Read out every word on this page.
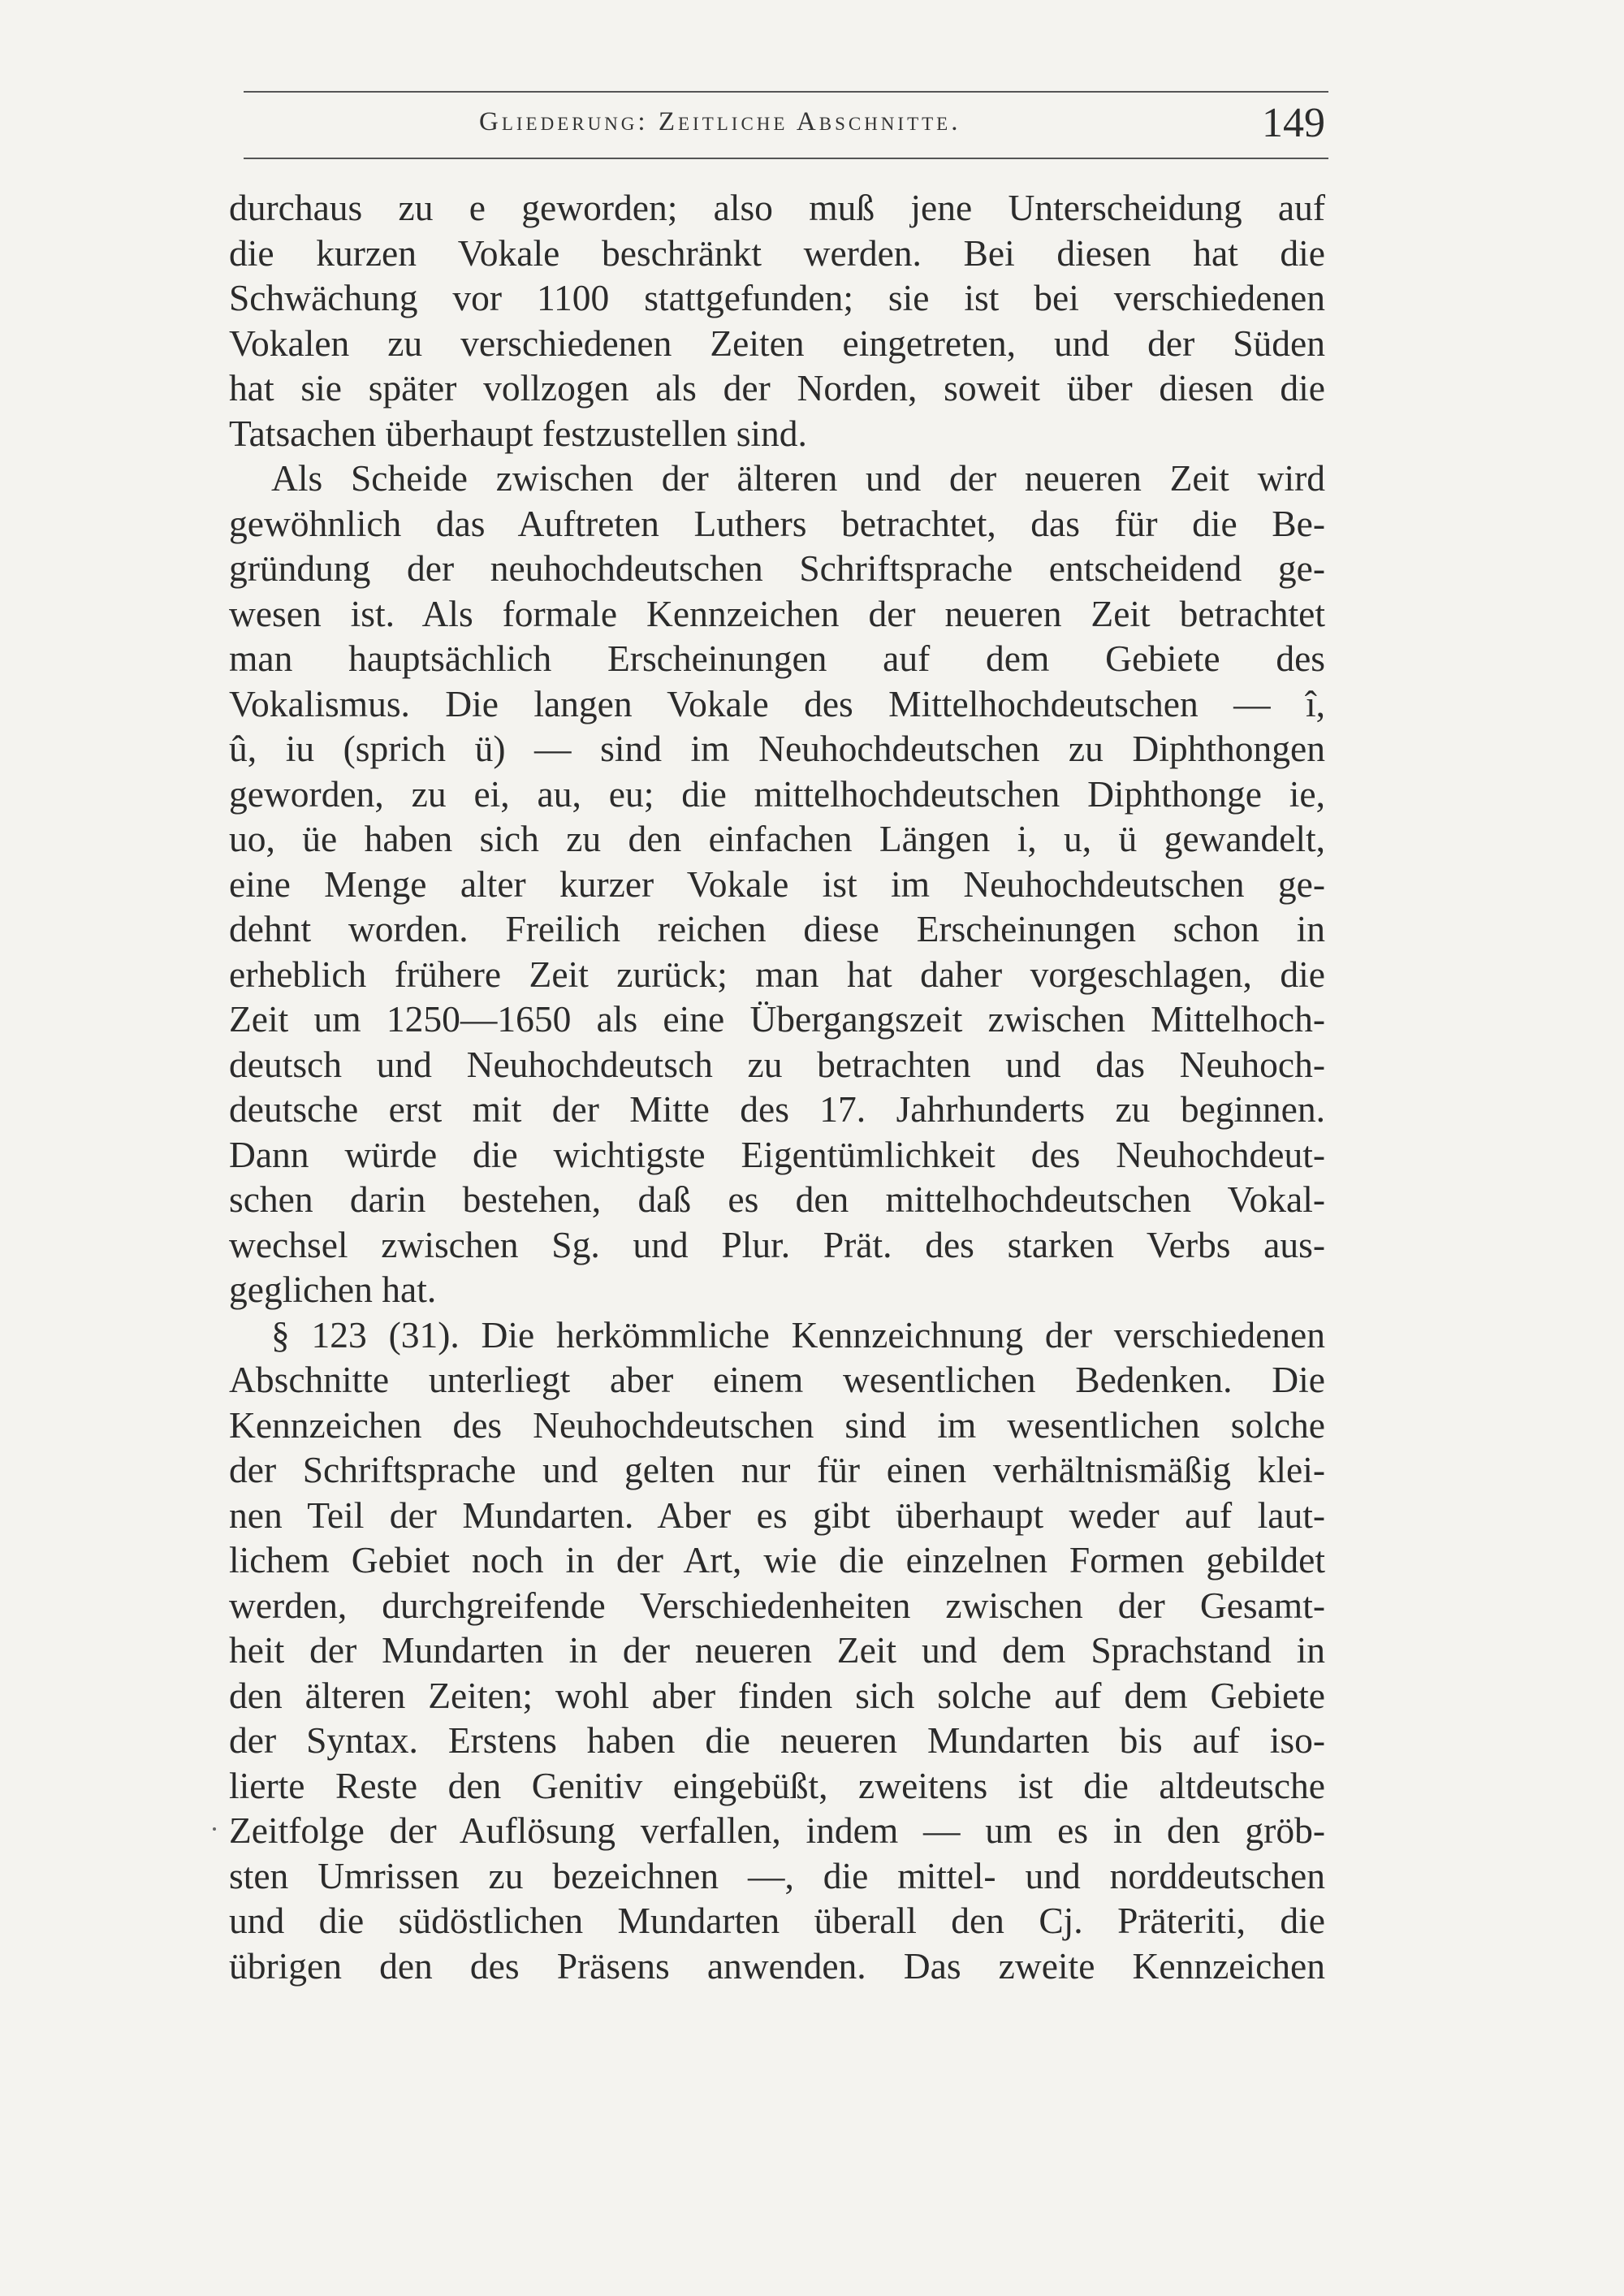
Gliederung: Zeitliche Abschnitte.	149
durchaus zu e geworden; also muß jene Unterscheidung auf
die kurzen Vokale beschränkt werden. Bei diesen hat die
Schwächung vor 1100 stattgefunden; sie ist bei verschiedenen
Vokalen zu verschiedenen Zeiten eingetreten, und der Süden
hat sie später vollzogen als der Norden, soweit über diesen die
Tatsachen überhaupt festzustellen sind.
Als Scheide zwischen der älteren und der neueren Zeit wird
gewöhnlich das Auftreten Luthers betrachtet, das für die Be-
gründung der neuhochdeutschen Schriftsprache entscheidend ge-
wesen ist. Als formale Kennzeichen der neueren Zeit betrachtet
man hauptsächlich Erscheinungen auf dem Gebiete des
Vokalismus. Die langen Vokale des Mittelhochdeutschen — î,
û, iu (sprich ü) — sind im Neuhochdeutschen zu Diphthongen
geworden, zu ei, au, eu; die mittelhochdeutschen Diphthonge ie,
uo, üe haben sich zu den einfachen Längen i, u, ü gewandelt,
eine Menge alter kurzer Vokale ist im Neuhochdeutschen ge-
dehnt worden. Freilich reichen diese Erscheinungen schon in
erheblich frühere Zeit zurück; man hat daher vorgeschlagen, die
Zeit um 1250—1650 als eine Übergangszeit zwischen Mittelhoch-
deutsch und Neuhochdeutsch zu betrachten und das Neuhoch-
deutsche erst mit der Mitte des 17. Jahrhunderts zu beginnen.
Dann würde die wichtigste Eigentümlichkeit des Neuhochdeut-
schen darin bestehen, daß es den mittelhochdeutschen Vokal-
wechsel zwischen Sg. und Plur. Prät. des starken Verbs aus-
geglichen hat.
§ 123 (31). Die herkömmliche Kennzeichnung der verschiedenen
Abschnitte unterliegt aber einem wesentlichen Bedenken. Die
Kennzeichen des Neuhochdeutschen sind im wesentlichen solche
der Schriftsprache und gelten nur für einen verhältnismäßig klei-
nen Teil der Mundarten. Aber es gibt überhaupt weder auf laut-
lichem Gebiet noch in der Art, wie die einzelnen Formen gebildet
werden, durchgreifende Verschiedenheiten zwischen der Gesamt-
heit der Mundarten in der neueren Zeit und dem Sprachstand in
den älteren Zeiten; wohl aber finden sich solche auf dem Gebiete
der Syntax. Erstens haben die neueren Mundarten bis auf iso-
lierte Reste den Genitiv eingebüßt, zweitens ist die altdeutsche
Zeitfolge der Auflösung verfallen, indem — um es in den gröb-
sten Umrissen zu bezeichnen —, die mittel- und norddeutschen
und die südöstlichen Mundarten überall den Cj. Präteriti, die
übrigen den des Präsens anwenden. Das zweite Kennzeichen
